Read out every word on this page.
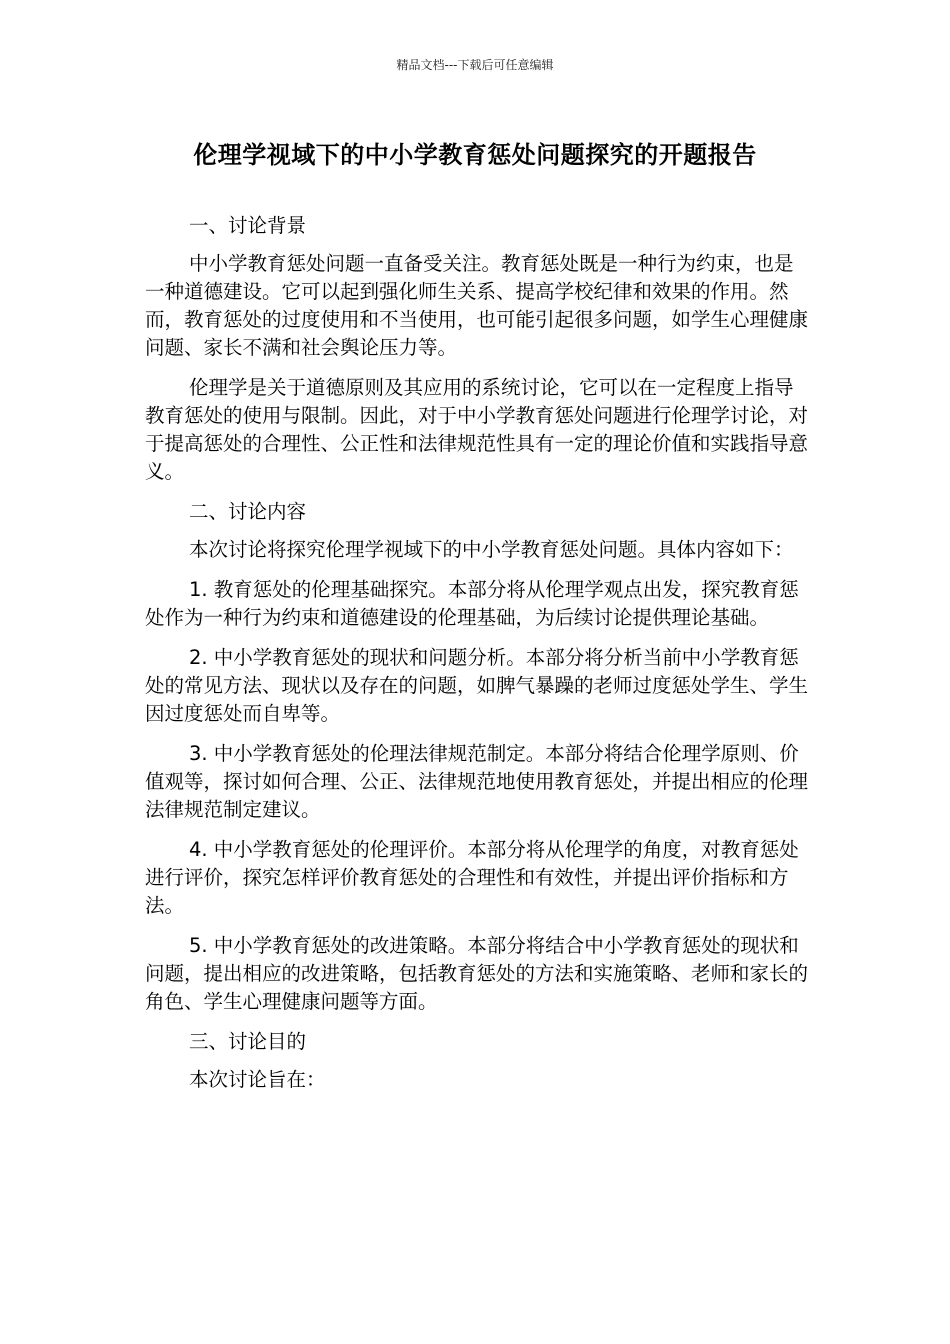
精品文档---下载后可任意编辑
伦理学视域下的中小学教育惩处问题探究的开题报告

一、讨论背景

中小学教育惩处问题一直备受关注。教育惩处既是一种行为约束，也是一种道德建设。它可以起到强化师生关系、提高学校纪律和效果的作用。然而，教育惩处的过度使用和不当使用，也可能引起很多问题，如学生心理健康问题、家长不满和社会舆论压力等。

伦理学是关于道德原则及其应用的系统讨论，它可以在一定程度上指导教育惩处的使用与限制。因此，对于中小学教育惩处问题进行伦理学讨论，对于提高惩处的合理性、公正性和法律规范性具有一定的理论价值和实践指导意义。

二、讨论内容

本次讨论将探究伦理学视域下的中小学教育惩处问题。具体内容如下：

1. 教育惩处的伦理基础探究。本部分将从伦理学观点出发，探究教育惩处作为一种行为约束和道德建设的伦理基础，为后续讨论提供理论基础。

2. 中小学教育惩处的现状和问题分析。本部分将分析当前中小学教育惩处的常见方法、现状以及存在的问题，如脾气暴躁的老师过度惩处学生、学生因过度惩处而自卑等。

3. 中小学教育惩处的伦理法律规范制定。本部分将结合伦理学原则、价值观等，探讨如何合理、公正、法律规范地使用教育惩处，并提出相应的伦理法律规范制定建议。

4. 中小学教育惩处的伦理评价。本部分将从伦理学的角度，对教育惩处进行评价，探究怎样评价教育惩处的合理性和有效性，并提出评价指标和方法。

5. 中小学教育惩处的改进策略。本部分将结合中小学教育惩处的现状和问题，提出相应的改进策略，包括教育惩处的方法和实施策略、老师和家长的角色、学生心理健康问题等方面。

三、讨论目的

本次讨论旨在：
